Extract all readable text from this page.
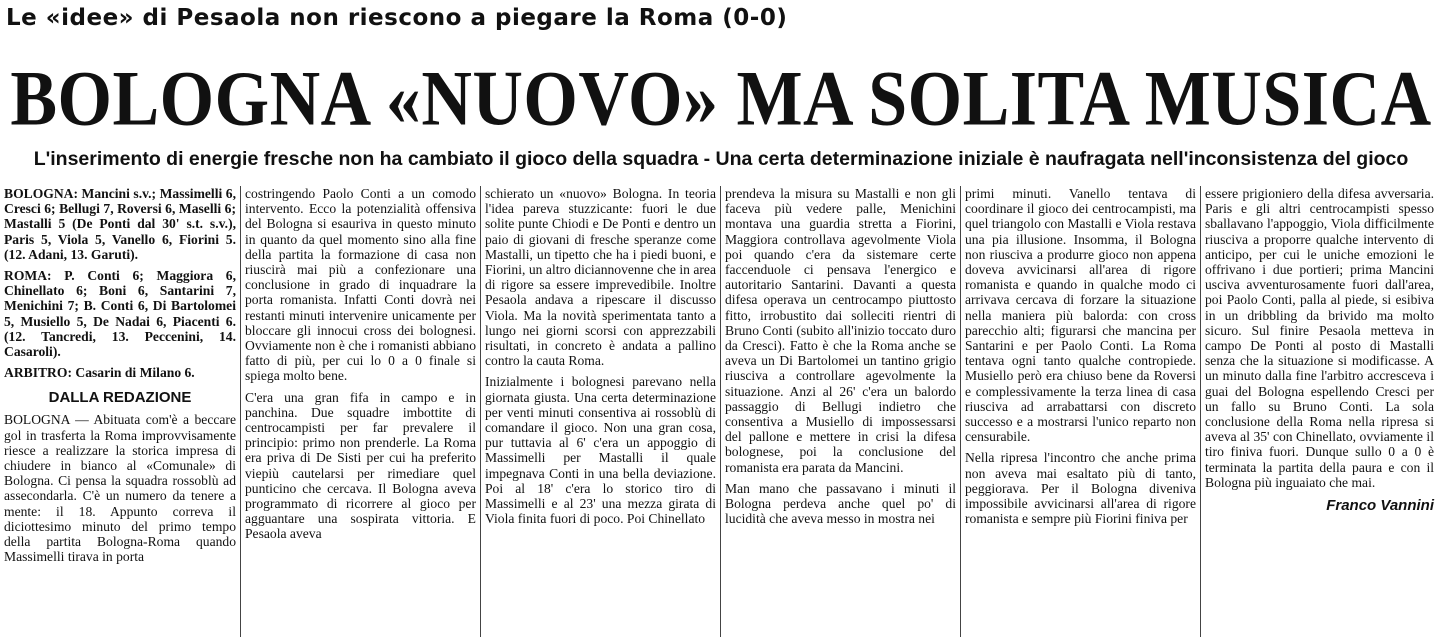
Le «idee» di Pesaola non riescono a piegare la Roma (0-0)
BOLOGNA «NUOVO» MA SOLITA MUSICA
L'inserimento di energie fresche non ha cambiato il gioco della squadra - Una certa determinazione iniziale è naufragata nell'inconsistenza del gioco

BOLOGNA: Mancini s.v.; Massimelli 6, Cresci 6; Bellugi 7, Roversi 6, Maselli 6; Mastalli 5 (De Ponti dal 30' s.t. s.v.), Paris 5, Viola 5, Vanello 6, Fiorini 5. (12. Adani, 13. Garuti).

ROMA: P. Conti 6; Maggiora 6, Chinellato 6; Boni 6, Santarini 7, Menichini 7; B. Conti 6, Di Bartolomei 5, Musiello 5, De Nadai 6, Piacenti 6. (12. Tancredi, 13. Peccenini, 14. Casaroli).

ARBITRO: Casarin di Milano 6.

DALLA REDAZIONE

BOLOGNA — Abituata com'è a beccare gol in trasferta la Roma improvvisamente riesce a realizzare la storica impresa di chiudere in bianco al «Comunale» di Bologna. Ci pensa la squadra rossoblù ad assecondarla. C'è un numero da tenere a mente: il 18. Appunto correva il diciottesimo minuto del primo tempo della partita Bologna-Roma quando Massimelli tirava in porta

costringendo Paolo Conti a un comodo intervento. Ecco la potenzialità offensiva del Bologna si esauriva in questo minuto in quanto da quel momento sino alla fine della partita la formazione di casa non riuscirà mai più a confezionare una conclusione in grado di inquadrare la porta romanista. Infatti Conti dovrà nei restanti minuti intervenire unicamente per bloccare gli innocui cross dei bolognesi. Ovviamente non è che i romanisti abbiano fatto di più, per cui lo 0 a 0 finale si spiega molto bene.

C'era una gran fifa in campo e in panchina. Due squadre imbottite di centrocampisti per far prevalere il principio: primo non prenderle. La Roma era priva di De Sisti per cui ha preferito viepiù cautelarsi per rimediare quel punticino che cercava. Il Bologna aveva programmato di ricorrere al gioco per agguantare una sospirata vittoria. E Pesaola aveva

schierato un «nuovo» Bologna. In teoria l'idea pareva stuzzicante: fuori le due solite punte Chiodi e De Ponti e dentro un paio di giovani di fresche speranze come Mastalli, un tipetto che ha i piedi buoni, e Fiorini, un altro diciannovenne che in area di rigore sa essere imprevedibile. Inoltre Pesaola andava a ripescare il discusso Viola. Ma la novità sperimentata tanto a lungo nei giorni scorsi con apprezzabili risultati, in concreto è andata a pallino contro la cauta Roma.

Inizialmente i bolognesi parevano nella giornata giusta. Una certa determinazione per venti minuti consentiva ai rossoblù di comandare il gioco. Non una gran cosa, pur tuttavia al 6' c'era un appoggio di Massimelli per Mastalli il quale impegnava Conti in una bella deviazione. Poi al 18' c'era lo storico tiro di Massimelli e al 23' una mezza girata di Viola finita fuori di poco. Poi Chinellato

prendeva la misura su Mastalli e non gli faceva più vedere palle, Menichini montava una guardia stretta a Fiorini, Maggiora controllava agevolmente Viola poi quando c'era da sistemare certe faccenduole ci pensava l'energico e autoritario Santarini. Davanti a questa difesa operava un centrocampo piuttosto fitto, irrobustito dai solleciti rientri di Bruno Conti (subito all'inizio toccato duro da Cresci). Fatto è che la Roma anche se aveva un Di Bartolomei un tantino grigio riusciva a controllare agevolmente la situazione. Anzi al 26' c'era un balordo passaggio di Bellugi indietro che consentiva a Musiello di impossessarsi del pallone e mettere in crisi la difesa bolognese, poi la conclusione del romanista era parata da Mancini.

Man mano che passavano i minuti il Bologna perdeva anche quel po' di lucidità che aveva messo in mostra nei

primi minuti. Vanello tentava di coordinare il gioco dei centrocampisti, ma quel triangolo con Mastalli e Viola restava una pia illusione. Insomma, il Bologna non riusciva a produrre gioco non appena doveva avvicinarsi all'area di rigore romanista e quando in qualche modo ci arrivava cercava di forzare la situazione nella maniera più balorda: con cross parecchio alti; figurarsi che mancina per Santarini e per Paolo Conti. La Roma tentava ogni tanto qualche contropiede. Musiello però era chiuso bene da Roversi e complessivamente la terza linea di casa riusciva ad arrabattarsi con discreto successo e a mostrarsi l'unico reparto non censurabile.

Nella ripresa l'incontro che anche prima non aveva mai esaltato più di tanto, peggiorava. Per il Bologna diveniva impossibile avvicinarsi all'area di rigore romanista e sempre più Fiorini finiva per

essere prigioniero della difesa avversaria. Paris e gli altri centrocampisti spesso sballavano l'appoggio, Viola difficilmente riusciva a proporre qualche intervento di anticipo, per cui le uniche emozioni le offrivano i due portieri; prima Mancini usciva avventurosamente fuori dall'area, poi Paolo Conti, palla al piede, si esibiva in un dribbling da brivido ma molto sicuro. Sul finire Pesaola metteva in campo De Ponti al posto di Mastalli senza che la situazione si modificasse. A un minuto dalla fine l'arbitro accresceva i guai del Bologna espellendo Cresci per un fallo su Bruno Conti. La sola conclusione della Roma nella ripresa si aveva al 35' con Chinellato, ovviamente il tiro finiva fuori. Dunque sullo 0 a 0 è terminata la partita della paura e con il Bologna più inguaiato che mai.

Franco Vannini
